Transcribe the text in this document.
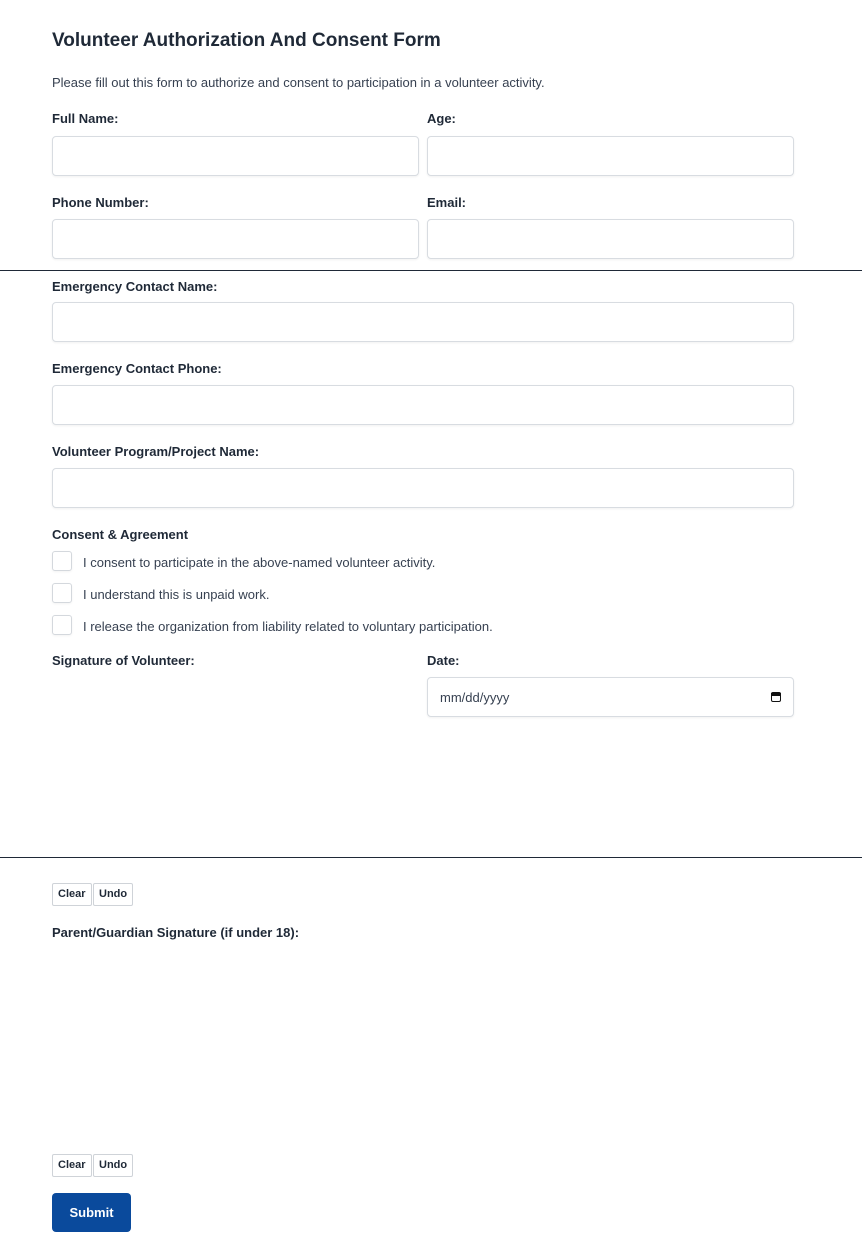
Volunteer Authorization And Consent Form
Please fill out this form to authorize and consent to participation in a volunteer activity.
Full Name:	Age:
Phone Number:	Email:
Emergency Contact Name:
Emergency Contact Phone:
Volunteer Program/Project Name:
Consent & Agreement
I consent to participate in the above-named volunteer activity.
I understand this is unpaid work.
I release the organization from liability related to voluntary participation.
Signature of Volunteer:	Date:
mm/dd/yyyy
Clear	Undo
Parent/Guardian Signature (if under 18):
Clear	Undo
Submit
